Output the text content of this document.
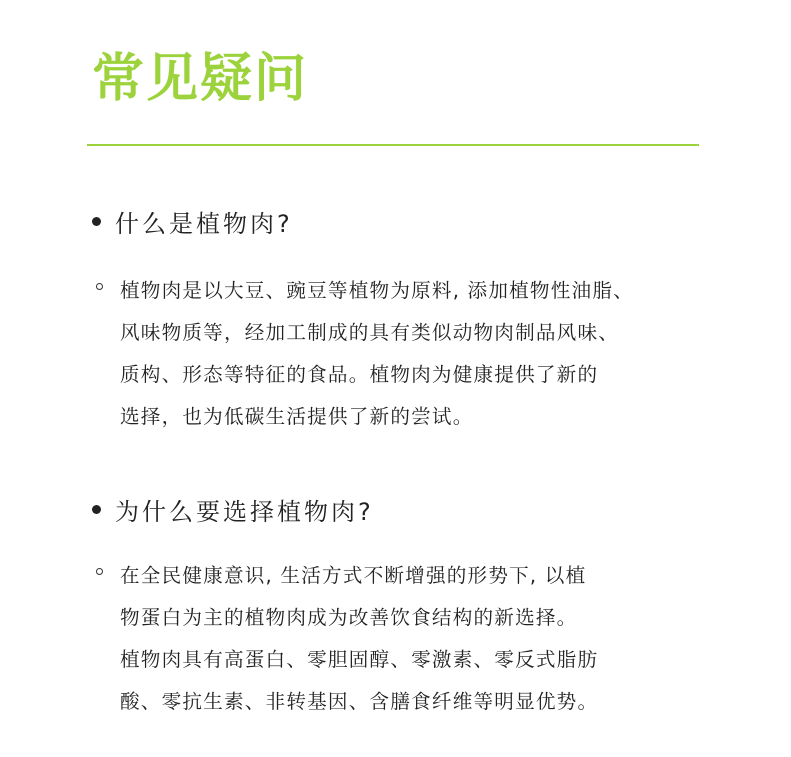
常见疑问
什么是植物肉?
植物肉是以大豆、豌豆等植物为原料, 添加植物性油脂、
风味物质等，经加工制成的具有类似动物肉制品风味、
质构、形态等特征的食品。植物肉为健康提供了新的
选择，也为低碳生活提供了新的尝试。
为什么要选择植物肉?
在全民健康意识, 生活方式不断增强的形势下, 以植
物蛋白为主的植物肉成为改善饮食结构的新选择。
植物肉具有高蛋白、零胆固醇、零激素、零反式脂肪
酸、零抗生素、非转基因、含膳食纤维等明显优势。
